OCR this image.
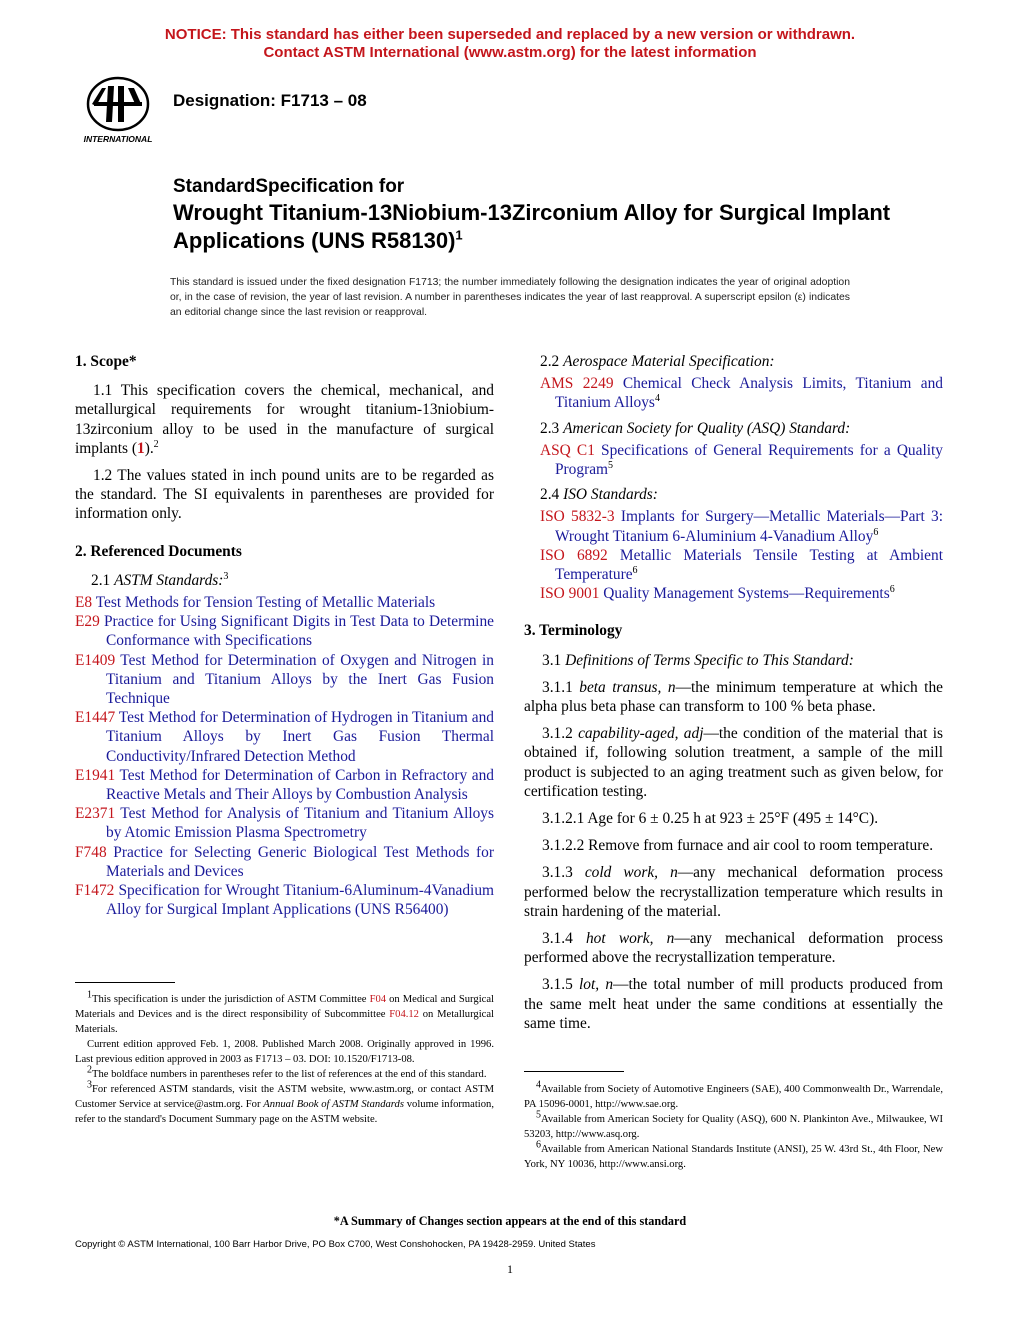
NOTICE: This standard has either been superseded and replaced by a new version or withdrawn.
Contact ASTM International (www.astm.org) for the latest information
INTERNATIONAL
Designation: F1713 – 08
StandardSpecification for
Wrought Titanium-13Niobium-13Zirconium Alloy for Surgical Implant Applications (UNS R58130)$^1$
This standard is issued under the fixed designation F1713; the number immediately following the designation indicates the year of original adoption or, in the case of revision, the year of last revision. A number in parentheses indicates the year of last reapproval. A superscript epsilon (ε) indicates an editorial change since the last revision or reapproval.
1. Scope*

1.1 This specification covers the chemical, mechanical, and metallurgical requirements for wrought titanium-13niobium-13zirconium alloy to be used in the manufacture of surgical implants (1).$^2$

1.2 The values stated in inch pound units are to be regarded as the standard. The SI equivalents in parentheses are provided for information only.

2. Referenced Documents
2.1 ASTM Standards:$^3$
E8 Test Methods for Tension Testing of Metallic Materials
E29 Practice for Using Significant Digits in Test Data to Determine Conformance with Specifications
E1409 Test Method for Determination of Oxygen and Nitrogen in Titanium and Titanium Alloys by the Inert Gas Fusion Technique
E1447 Test Method for Determination of Hydrogen in Titanium and Titanium Alloys by Inert Gas Fusion Thermal Conductivity/Infrared Detection Method
E1941 Test Method for Determination of Carbon in Refractory and Reactive Metals and Their Alloys by Combustion Analysis
E2371 Test Method for Analysis of Titanium and Titanium Alloys by Atomic Emission Plasma Spectrometry
F748 Practice for Selecting Generic Biological Test Methods for Materials and Devices
F1472 Specification for Wrought Titanium-6Aluminum-4Vanadium Alloy for Surgical Implant Applications (UNS R56400)
2.2 Aerospace Material Specification:
AMS 2249 Chemical Check Analysis Limits, Titanium and Titanium Alloys$^4$
2.3 American Society for Quality (ASQ) Standard:
ASQ C1 Specifications of General Requirements for a Quality Program$^5$
2.4 ISO Standards:
ISO 5832-3 Implants for Surgery—Metallic Materials—Part 3: Wrought Titanium 6-Aluminium 4-Vanadium Alloy$^6$
ISO 6892 Metallic Materials Tensile Testing at Ambient Temperature$^6$
ISO 9001 Quality Management Systems—Requirements$^6$
3. Terminology

3.1 Definitions of Terms Specific to This Standard:

3.1.1 beta transus, n—the minimum temperature at which the alpha plus beta phase can transform to 100 % beta phase.

3.1.2 capability-aged, adj—the condition of the material that is obtained if, following solution treatment, a sample of the mill product is subjected to an aging treatment such as given below, for certification testing.

3.1.2.1 Age for 6 ± 0.25 h at 923 ± 25°F (495 ± 14°C).

3.1.2.2 Remove from furnace and air cool to room temperature.

3.1.3 cold work, n—any mechanical deformation process performed below the recrystallization temperature which results in strain hardening of the material.

3.1.4 hot work, n—any mechanical deformation process performed above the recrystallization temperature.

3.1.5 lot, n—the total number of mill products produced from the same melt heat under the same conditions at essentially the same time.

$^1$This specification is under the jurisdiction of ASTM Committee F04 on Medical and Surgical Materials and Devices and is the direct responsibility of Subcommittee F04.12 on Metallurgical Materials.

Current edition approved Feb. 1, 2008. Published March 2008. Originally approved in 1996. Last previous edition approved in 2003 as F1713 – 03. DOI: 10.1520/F1713-08.

$^2$The boldface numbers in parentheses refer to the list of references at the end of this standard.

$^3$For referenced ASTM standards, visit the ASTM website, www.astm.org, or contact ASTM Customer Service at service@astm.org. For Annual Book of ASTM Standards volume information, refer to the standard's Document Summary page on the ASTM website.

$^4$Available from Society of Automotive Engineers (SAE), 400 Commonwealth Dr., Warrendale, PA 15096-0001, http://www.sae.org.

$^5$Available from American Society for Quality (ASQ), 600 N. Plankinton Ave., Milwaukee, WI 53203, http://www.asq.org.

$^6$Available from American National Standards Institute (ANSI), 25 W. 43rd St., 4th Floor, New York, NY 10036, http://www.ansi.org.

*A Summary of Changes section appears at the end of this standard
Copyright © ASTM International, 100 Barr Harbor Drive, PO Box C700, West Conshohocken, PA 19428-2959. United States
1
